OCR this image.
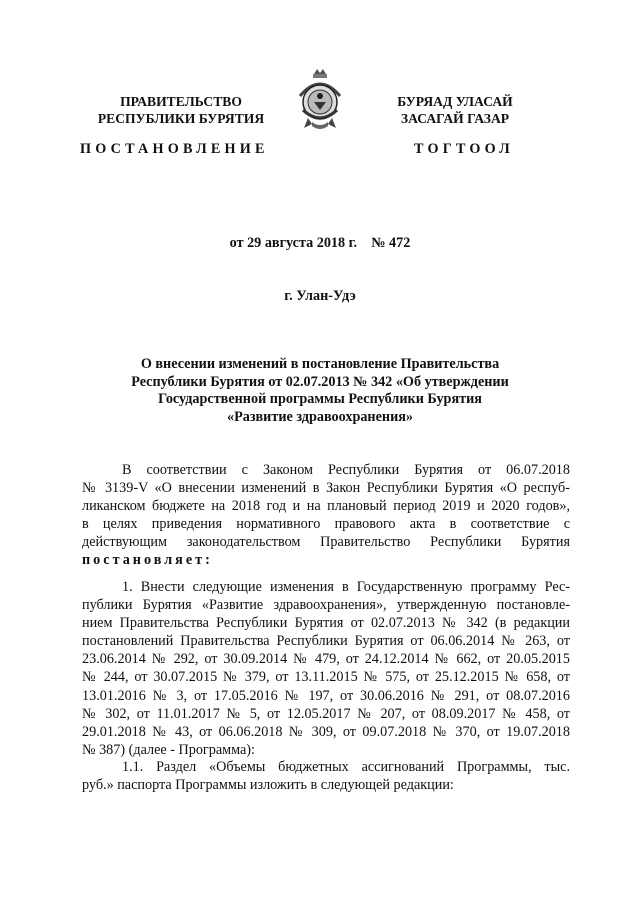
ПРАВИТЕЛЬСТВО
РЕСПУБЛИКИ БУРЯТИЯ
БУРЯАД УЛАСАЙ
ЗАСАГАЙ ГАЗАР
ПОСТАНОВЛЕНИЕ	ТОГТООЛ
от 29 августа 2018 г.    № 472
г. Улан-Удэ
О внесении изменений в постановление Правительства
Республики Бурятия от 02.07.2013 № 342 «Об утверждении
Государственной программы Республики Бурятия
«Развитие здравоохранения»
В соответствии с Законом Республики Бурятия от 06.07.2018
№ 3139-V «О внесении изменений в Закон Республики Бурятия «О респуб-
ликанском бюджете на 2018 год и на плановый период 2019 и 2020 годов»,
в целях приведения нормативного правового акта в соответствие с
действующим законодательством Правительство Республики Бурятия
постановляет:
1. Внести следующие изменения в Государственную программу Рес-
публики Бурятия «Развитие здравоохранения», утвержденную постановле-
нием Правительства Республики Бурятия от 02.07.2013 № 342 (в редакции
постановлений Правительства Республики Бурятия от 06.06.2014 № 263, от
23.06.2014 № 292, от 30.09.2014 № 479, от 24.12.2014 № 662, от 20.05.2015
№ 244, от 30.07.2015 № 379, от 13.11.2015 № 575, от 25.12.2015 № 658, от
13.01.2016 № 3, от 17.05.2016 № 197, от 30.06.2016 № 291, от 08.07.2016
№ 302, от 11.01.2017 № 5, от 12.05.2017 № 207, от 08.09.2017 № 458, от
29.01.2018 № 43, от 06.06.2018 № 309, от 09.07.2018 № 370, от 19.07.2018
№ 387) (далее - Программа):
1.1. Раздел «Объемы бюджетных ассигнований Программы, тыс.
руб.» паспорта Программы изложить в следующей редакции:
